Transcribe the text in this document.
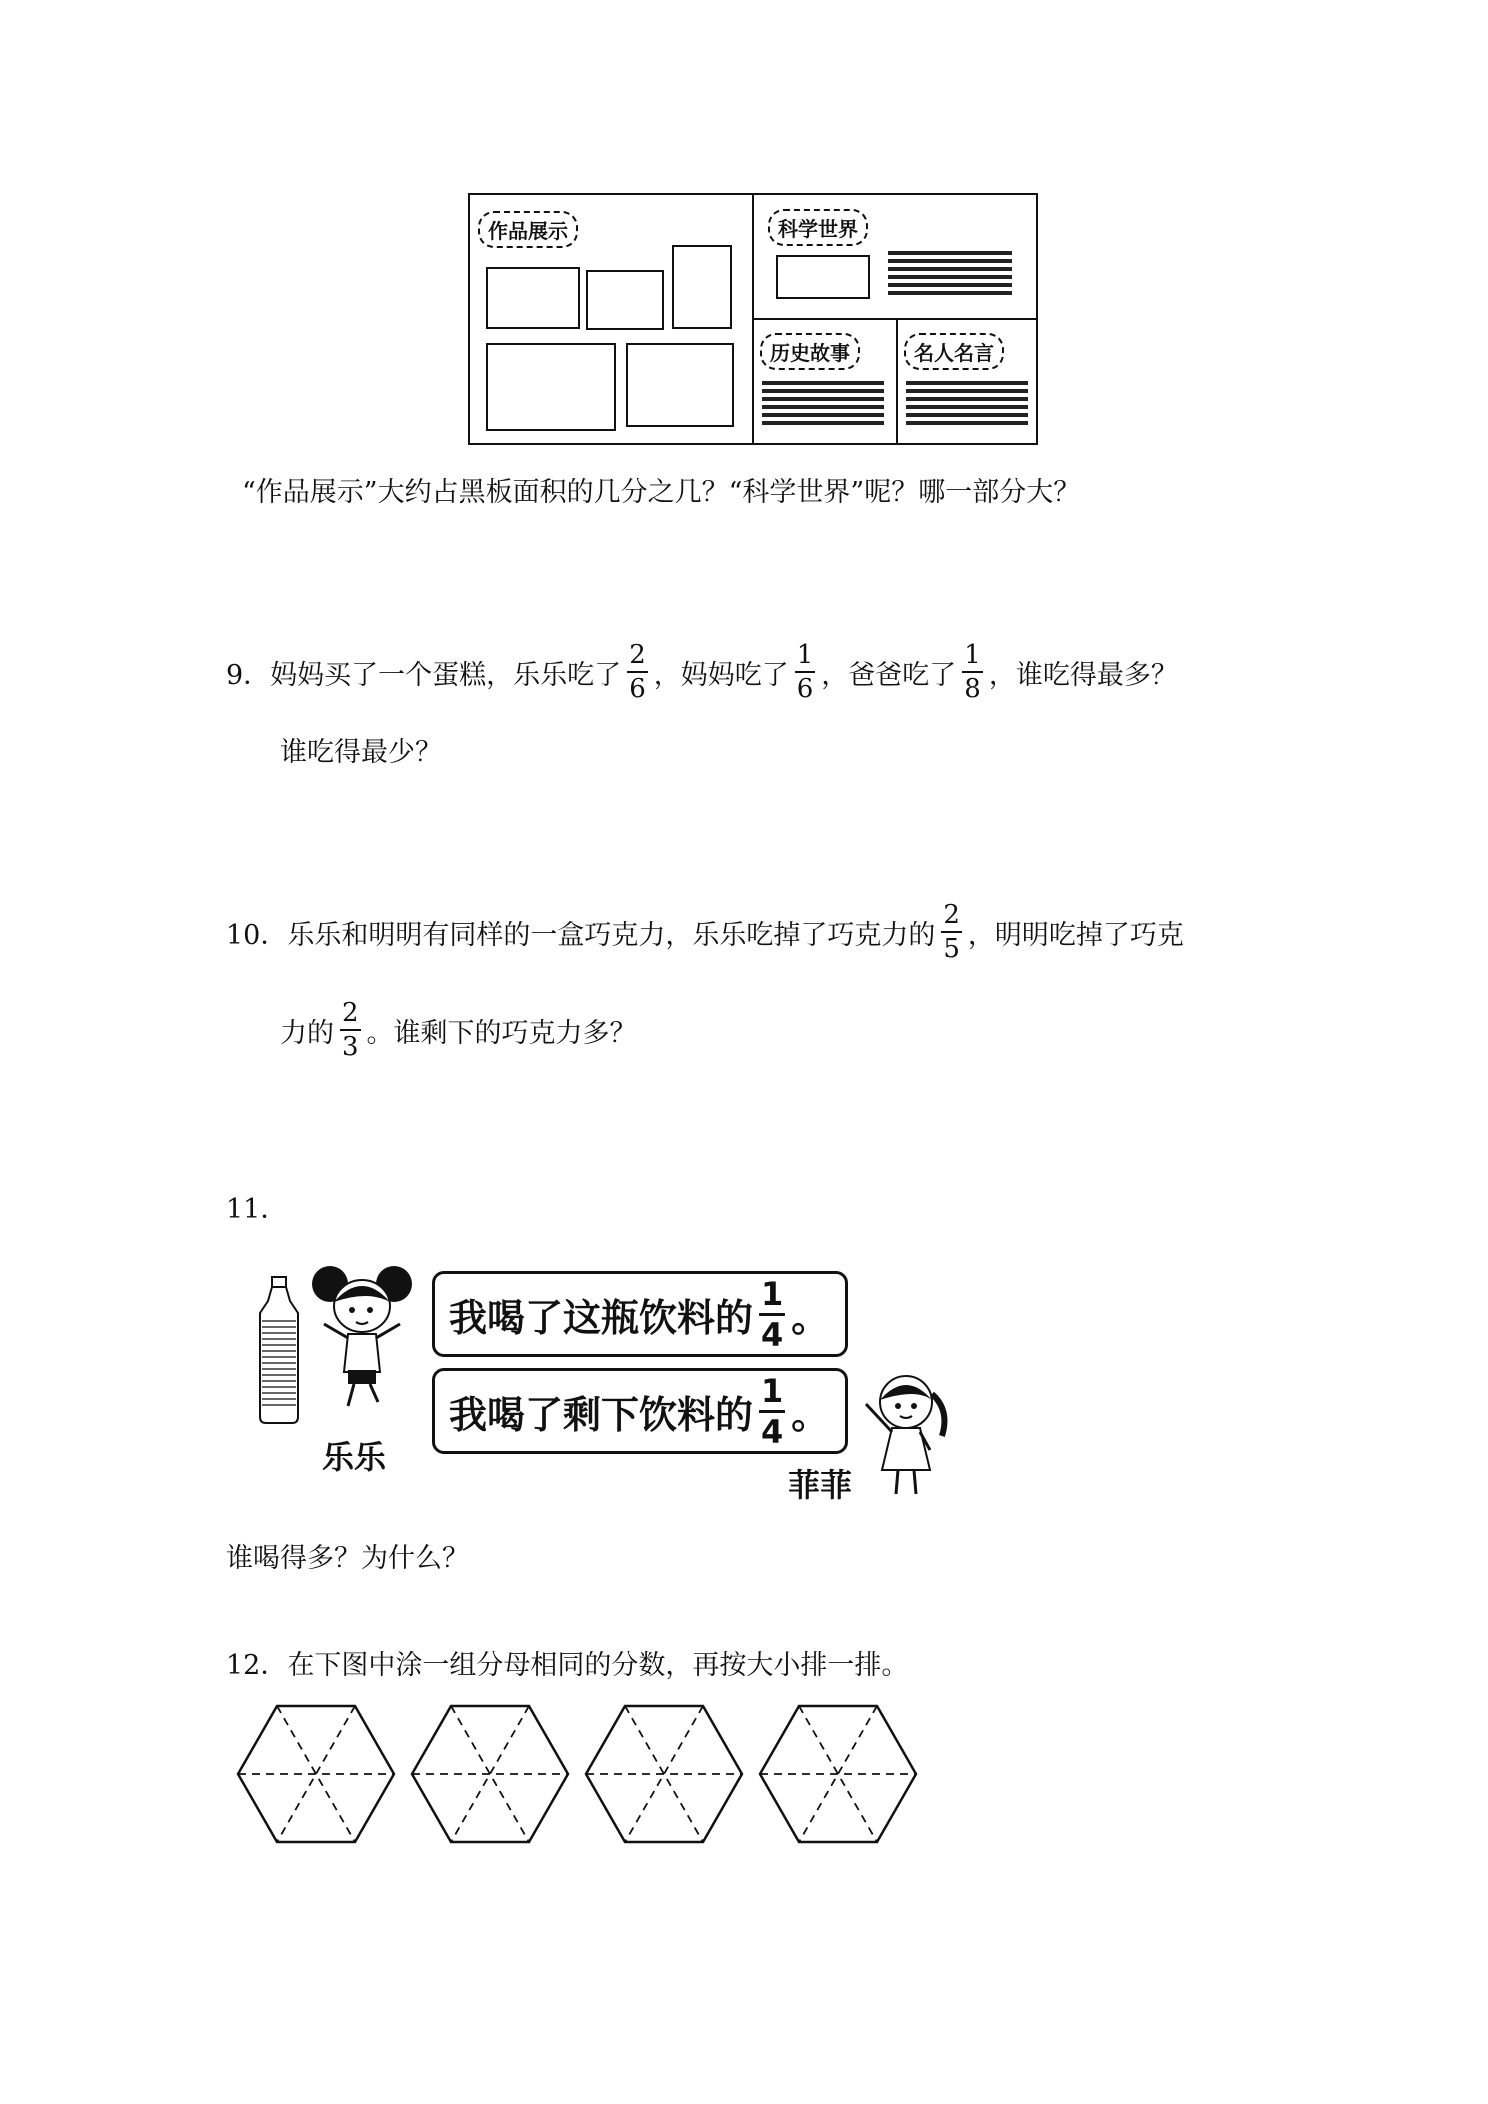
作品展示	科学世界
历史故事	名人名言
“作品展示”大约占黑板面积的几分之几？“科学世界”呢？哪一部分大？
9． 妈妈买了一个蛋糕，乐乐吃了 $\frac{2}{6}$ ，妈妈吃了 $\frac{1}{6}$ ，爸爸吃了 $\frac{1}{8}$ ，谁吃得最多？
谁吃得最少？
10． 乐乐和明明有同样的一盒巧克力，乐乐吃掉了巧克力的 $\frac{2}{5}$ ，明明吃掉了巧克
力的 $\frac{2}{3}$ 。谁剩下的巧克力多？
11．
我喝了这瓶饮料的 $\frac{1}{4}$ 。
我喝了剩下饮料的 $\frac{1}{4}$ 。
乐乐
菲菲
谁喝得多？为什么？
12． 在下图中涂一组分母相同的分数，再按大小排一排。
